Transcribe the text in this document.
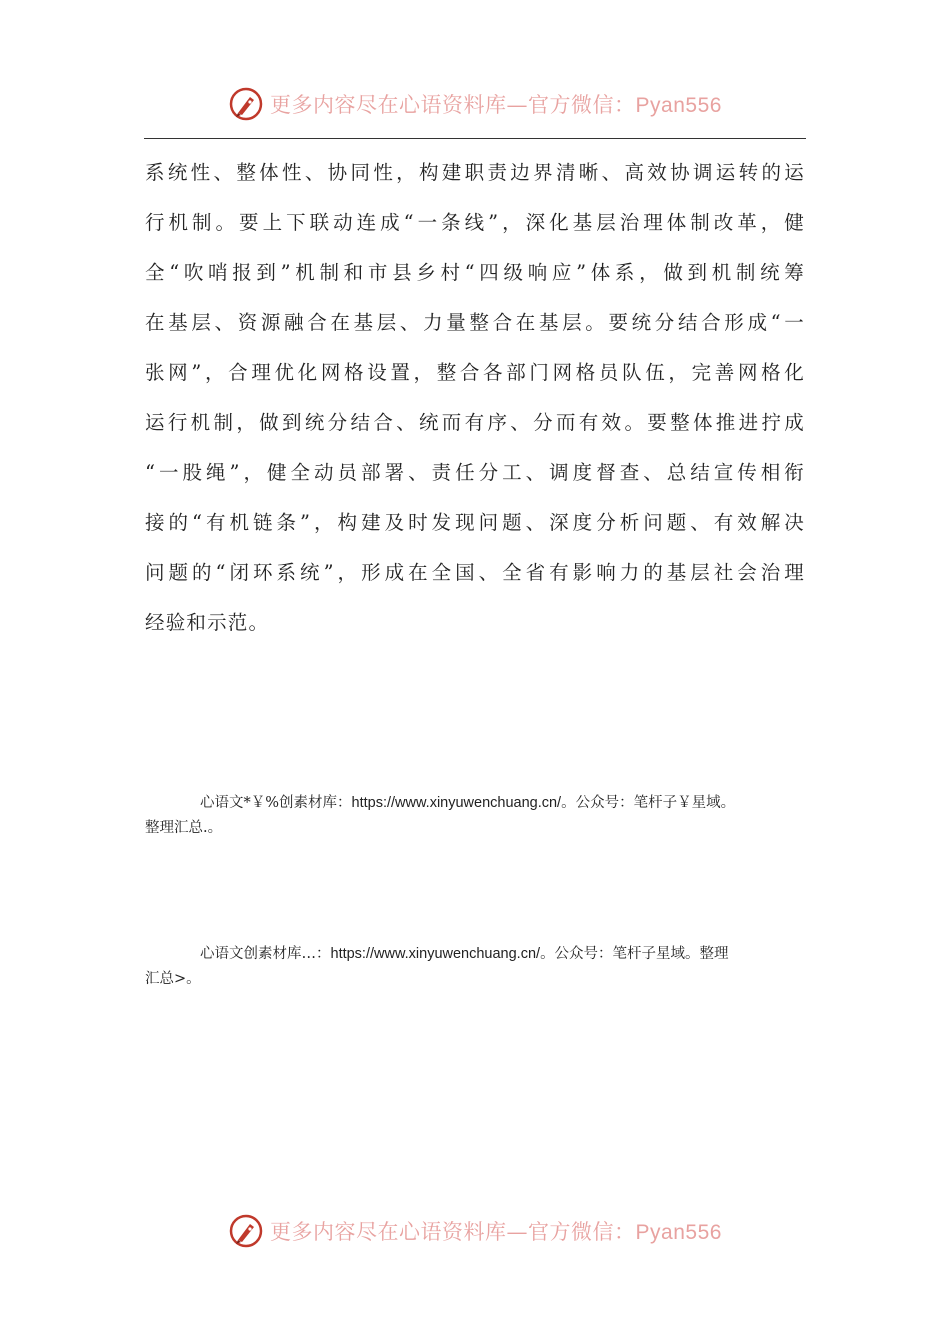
更多内容尽在心语资料库—官方微信：Pyan556
系统性、整体性、协同性，构建职责边界清晰、高效协调运转的运
行机制。要上下联动连成“一条线”，深化基层治理体制改革，健
全“吹哨报到”机制和市县乡村“四级响应”体系，做到机制统筹
在基层、资源融合在基层、力量整合在基层。要统分结合形成“一
张网”，合理优化网格设置，整合各部门网格员队伍，完善网格化
运行机制，做到统分结合、统而有序、分而有效。要整体推进拧成
“一股绳”，健全动员部署、责任分工、调度督查、总结宣传相衔
接的“有机链条”，构建及时发现问题、深度分析问题、有效解决
问题的“闭环系统”，形成在全国、全省有影响力的基层社会治理
经验和示范。
心语文*￥%创素材库：https://www.xinyuwenchuang.cn/。公众号：笔杆子￥星域。
整理汇总.。
心语文创素材库…：https://www.xinyuwenchuang.cn/。公众号：笔杆子星域。整理
汇总>。
更多内容尽在心语资料库—官方微信：Pyan556
